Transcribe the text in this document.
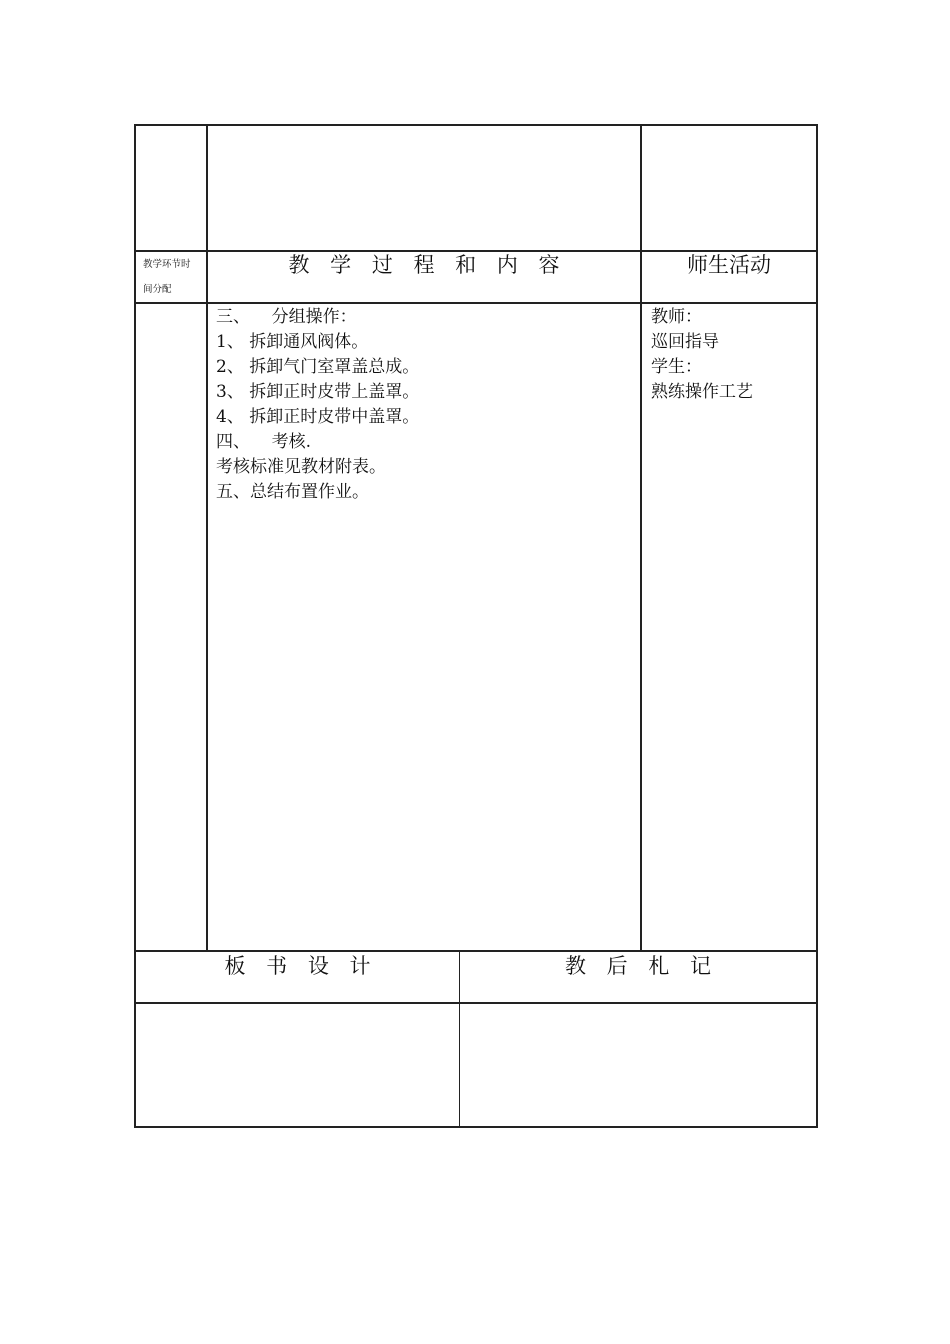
教学环节时
间分配
教 学 过 程 和 内 容	师生活动
三、    分组操作：
1、 拆卸通风阀体。
2、 拆卸气门室罩盖总成。
3、 拆卸正时皮带上盖罩。
4、 拆卸正时皮带中盖罩。
四、    考核.
考核标准见教材附表。
五、总结布置作业。
教师：
巡回指导
学生：
熟练操作工艺
板 书 设 计	教 后 札 记
